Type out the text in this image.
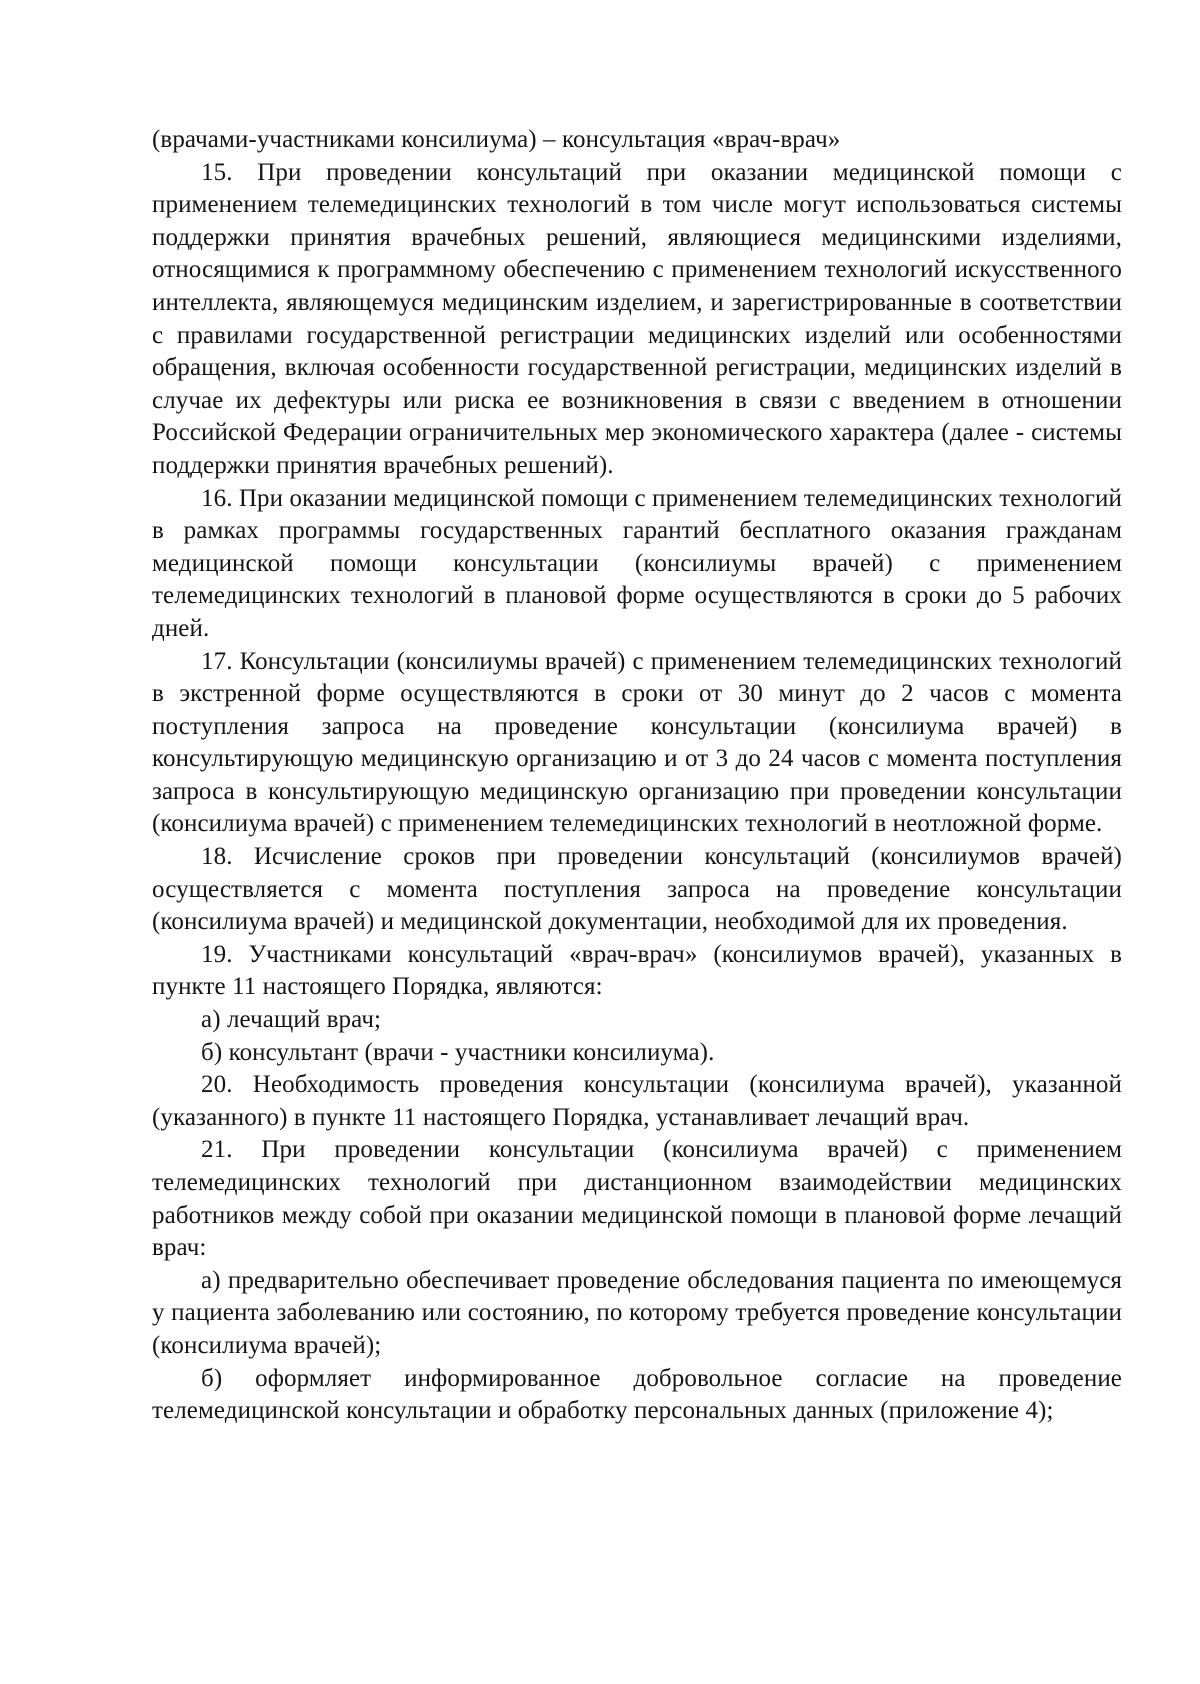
(врачами-участниками консилиума) – консультация «врач-врач»

15. При проведении консультаций при оказании медицинской помощи с применением телемедицинских технологий в том числе могут использоваться системы поддержки принятия врачебных решений, являющиеся медицинскими изделиями, относящимися к программному обеспечению с применением технологий искусственного интеллекта, являющемуся медицинским изделием, и зарегистрированные в соответствии с правилами государственной регистрации медицинских изделий или особенностями обращения, включая особенности государственной регистрации, медицинских изделий в случае их дефектуры или риска ее возникновения в связи с введением в отношении Российской Федерации ограничительных мер экономического характера (далее - системы поддержки принятия врачебных решений).

16. При оказании медицинской помощи с применением телемедицинских технологий в рамках программы государственных гарантий бесплатного оказания гражданам медицинской помощи консультации (консилиумы врачей) с применением телемедицинских технологий в плановой форме осуществляются в сроки до 5 рабочих дней.

17. Консультации (консилиумы врачей) с применением телемедицинских технологий в экстренной форме осуществляются в сроки от 30 минут до 2 часов с момента поступления запроса на проведение консультации (консилиума врачей) в консультирующую медицинскую организацию и от 3 до 24 часов с момента поступления запроса в консультирующую медицинскую организацию при проведении консультации (консилиума врачей) с применением телемедицинских технологий в неотложной форме.

18. Исчисление сроков при проведении консультаций (консилиумов врачей) осуществляется с момента поступления запроса на проведение консультации (консилиума врачей) и медицинской документации, необходимой для их проведения.

19. Участниками консультаций «врач-врач» (консилиумов врачей), указанных в пункте 11 настоящего Порядка, являются:

а) лечащий врач;

б) консультант (врачи - участники консилиума).

20. Необходимость проведения консультации (консилиума врачей), указанной (указанного) в пункте 11 настоящего Порядка, устанавливает лечащий врач.

21. При проведении консультации (консилиума врачей) с применением телемедицинских технологий при дистанционном взаимодействии медицинских работников между собой при оказании медицинской помощи в плановой форме лечащий врач:

а) предварительно обеспечивает проведение обследования пациента по имеющемуся у пациента заболеванию или состоянию, по которому требуется проведение консультации (консилиума врачей);

б) оформляет информированное добровольное согласие на проведение телемедицинской консультации и обработку персональных данных (приложение 4);
